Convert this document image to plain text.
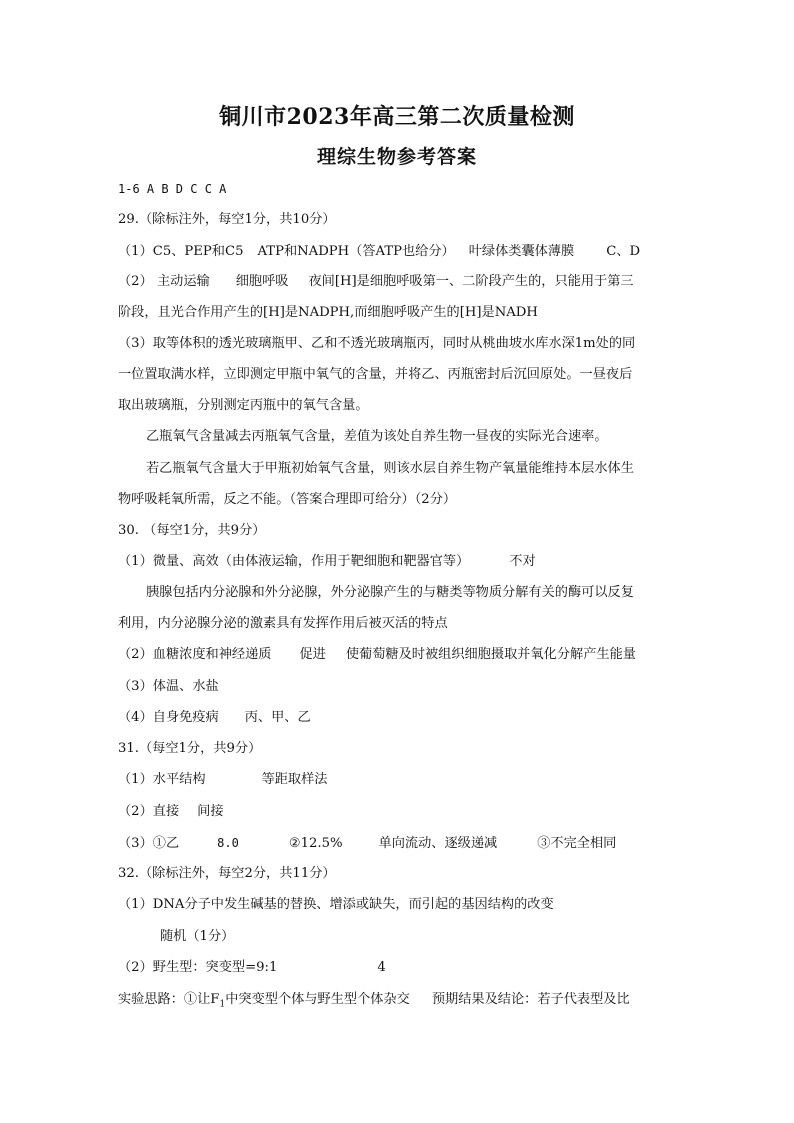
铜川市2023年高三第二次质量检测
理综生物参考答案
1-6 A B D C C A
29.（除标注外，每空1分，共10分）
（1）C5、PEP和C5 ATP和NADPH（答ATP也给分） 叶绿体类囊体薄膜 C、D
（2） 主动运输 细胞呼吸 夜间[H]是细胞呼吸第一、二阶段产生的，只能用于第三
阶段，且光合作用产生的[H]是NADPH,而细胞呼吸产生的[H]是NADH
（3）取等体积的透光玻璃瓶甲、乙和不透光玻璃瓶丙，同时从桃曲坡水库水深1m处的同
一位置取满水样，立即测定甲瓶中氧气的含量，并将乙、丙瓶密封后沉回原处。一昼夜后
取出玻璃瓶，分别测定丙瓶中的氧气含量。
乙瓶氧气含量减去丙瓶氧气含量，差值为该处自养生物一昼夜的实际光合速率。
若乙瓶氧气含量大于甲瓶初始氧气含量，则该水层自养生物产氧量能维持本层水体生
物呼吸耗氧所需，反之不能。（答案合理即可给分）（2分）
30. （每空1分，共9分）
（1）微量、高效（由体液运输，作用于靶细胞和靶器官等）	不对
胰腺包括内分泌腺和外分泌腺，外分泌腺产生的与糖类等物质分解有关的酶可以反复
利用，内分泌腺分泌的激素具有发挥作用后被灭活的特点
（2）血糖浓度和神经递质 促进 使葡萄糖及时被组织细胞摄取并氧化分解产生能量
（3）体温、水盐
（4）自身免疫病 丙、甲、乙
31.（每空1分，共9分）
（1）水平结构	等距取样法
（2）直接 间接
（3）①乙	8.0	②12.5%	单向流动、逐级递减	③不完全相同
32.（除标注外，每空2分，共11分）
（1）DNA分子中发生碱基的替换、增添或缺失，而引起的基因结构的改变
随机（1分）
（2）野生型：突变型=9:1	4
实验思路：①让$F_1$中突变型个体与野生型个体杂交 预期结果及结论：若子代表型及比
